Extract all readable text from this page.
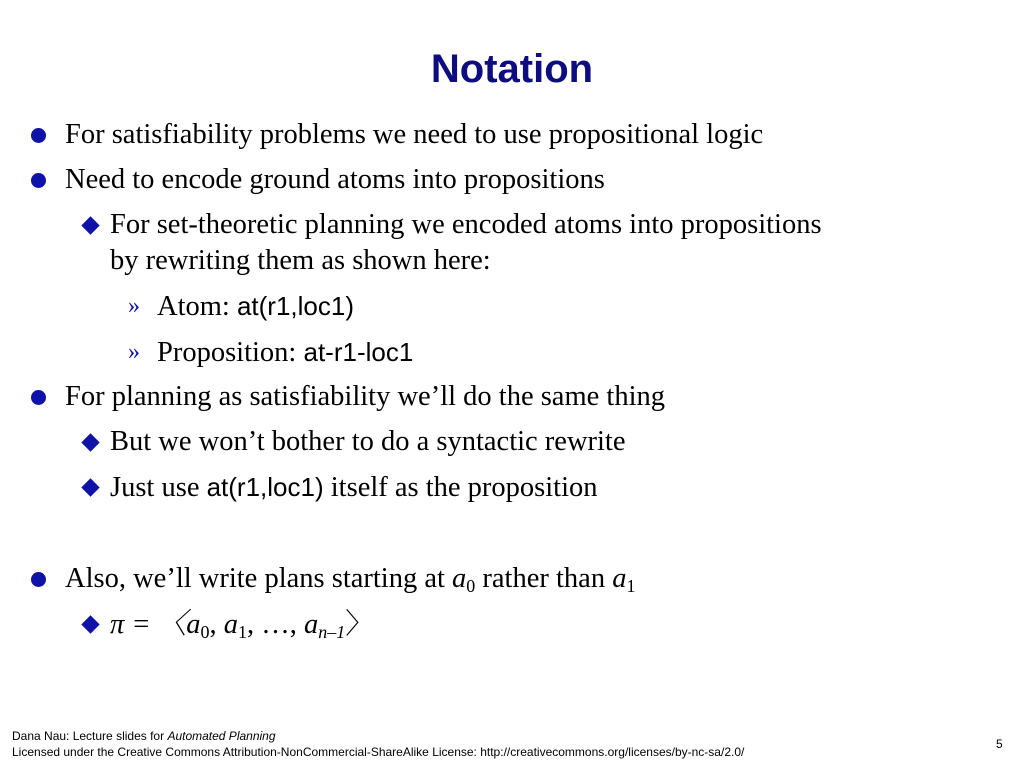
Notation
For satisfiability problems we need to use propositional logic
Need to encode ground atoms into propositions
For set-theoretic planning we encoded atoms into propositions
by rewriting them as shown here:
» Atom: at(r1,loc1)
» Proposition: at-r1-loc1
For planning as satisfiability we’ll do the same thing
But we won’t bother to do a syntactic rewrite
Just use at(r1,loc1) itself as the proposition
Also, we’ll write plans starting at $a_0$ rather than $a_1$
π = 〈$a_0$, $a_1$, …, $a_{n-1}$〉
Dana Nau: Lecture slides for Automated Planning
Licensed under the Creative Commons Attribution-NonCommercial-ShareAlike License: http://creativecommons.org/licenses/by-nc-sa/2.0/
5
